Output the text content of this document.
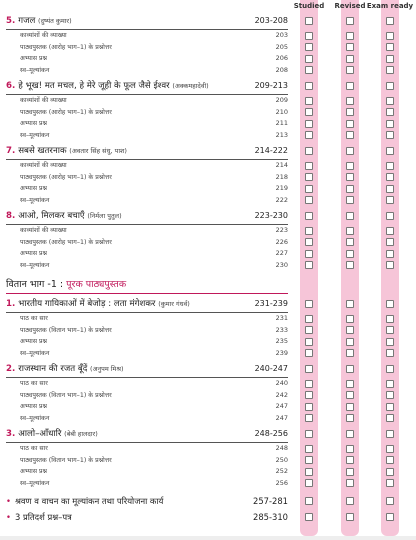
Studied	Revised Exam ready
5. गजल (दुष्यंत कुमार)	203-208
काव्यांशों की व्याख्या	203
पाठ्यपुस्तक (आरोह भाग–1) के प्रश्नोत्तर	205
अभ्यास प्रश्न	206
स्व–मूल्यांकन	208
6. हे भूख! मत मचल, हे मेरे जूही के फूल जैसे ईश्वर (अक्कमहादेवी)	209-213
काव्यांशों की व्याख्या	209
पाठ्यपुस्तक (आरोह भाग–1) के प्रश्नोत्तर	210
अभ्यास प्रश्न	211
स्व–मूल्यांकन	213
7. सबसे खतरनाक (अवतार सिंह संधु, पाश)	214-222
काव्यांशों की व्याख्या	214
पाठ्यपुस्तक (आरोह भाग–1) के प्रश्नोत्तर	218
अभ्यास प्रश्न	219
स्व–मूल्यांकन	222
8. आओ, मिलकर बचाएँ (निर्मला पुतुल)	223-230
काव्यांशों की व्याख्या	223
पाठ्यपुस्तक (आरोह भाग–1) के प्रश्नोत्तर	226
अभ्यास प्रश्न	227
स्व–मूल्यांकन	230
वितान भाग -1 : पूरक पाठ्यपुस्तक
1. भारतीय गायिकाओं में बेजोड़ : लता मंगेशकर (कुमार गंधर्व)	231-239
पाठ का सार	231
पाठ्यपुस्तक (वितान भाग–1) के प्रश्नोत्तर	233
अभ्यास प्रश्न	235
स्व–मूल्यांकन	239
2. राजस्थान की रजत बूँदें (अनुपम मिश्र)	240-247
पाठ का सार	240
पाठ्यपुस्तक (वितान भाग–1) के प्रश्नोत्तर	242
अभ्यास प्रश्न	247
स्व–मूल्यांकन	247
3. आलो–आँधारि (बेबी हालदार)	248-256
पाठ का सार	248
पाठ्यपुस्तक (वितान भाग–1) के प्रश्नोत्तर	250
अभ्यास प्रश्न	252
स्व–मूल्यांकन	256
• श्रवण व वाचन का मूल्यांकन तथा परियोजना कार्य	257-281
• 3 प्रतिदर्श प्रश्न–पत्र	285-310
